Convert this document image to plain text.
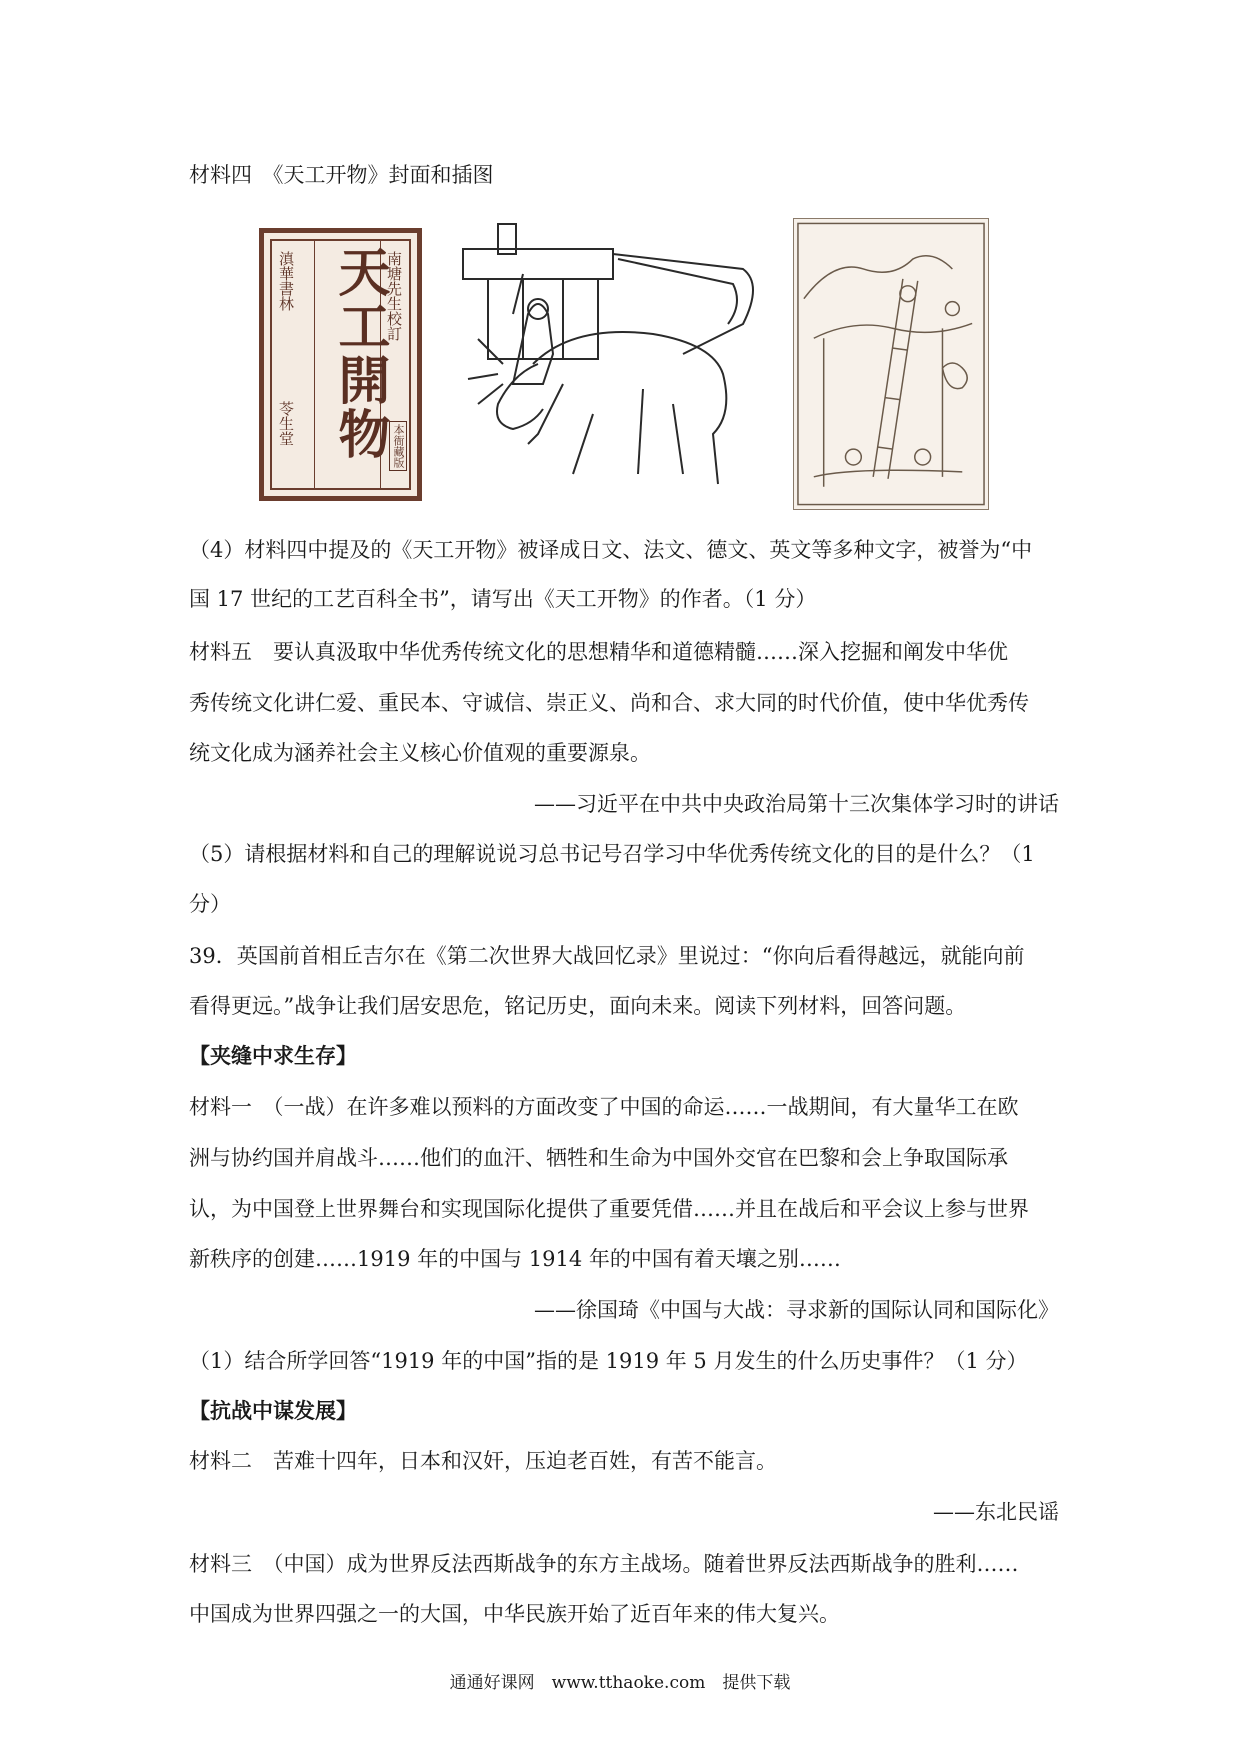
材料四　《天工开物》封面和插图
滇華書林
苓生堂 天工開物
南塘先生校訂
本衙藏版
（4）材料四中提及的《天工开物》被译成日文、法文、德文、英文等多种文字，被誉为“中
国 17 世纪的工艺百科全书”，请写出《天工开物》的作者。（1 分）
材料五　要认真汲取中华优秀传统文化的思想精华和道德精髓……深入挖掘和阐发中华优
秀传统文化讲仁爱、重民本、守诚信、崇正义、尚和合、求大同的时代价值，使中华优秀传
统文化成为涵养社会主义核心价值观的重要源泉。
——习近平在中共中央政治局第十三次集体学习时的讲话
（5）请根据材料和自己的理解说说习总书记号召学习中华优秀传统文化的目的是什么？（1
分）
39．英国前首相丘吉尔在《第二次世界大战回忆录》里说过：“你向后看得越远，就能向前
看得更远。”战争让我们居安思危，铭记历史，面向未来。阅读下列材料，回答问题。
【夹缝中求生存】
材料一　（一战）在许多难以预料的方面改变了中国的命运……一战期间，有大量华工在欧
洲与协约国并肩战斗……他们的血汗、牺牲和生命为中国外交官在巴黎和会上争取国际承
认，为中国登上世界舞台和实现国际化提供了重要凭借……并且在战后和平会议上参与世界
新秩序的创建……1919 年的中国与 1914 年的中国有着天壤之别……
——徐国琦《中国与大战：寻求新的国际认同和国际化》
（1）结合所学回答“1919 年的中国”指的是 1919 年 5 月发生的什么历史事件？（1 分）
【抗战中谋发展】
材料二　苦难十四年，日本和汉奸，压迫老百姓，有苦不能言。
——东北民谣
材料三　（中国）成为世界反法西斯战争的东方主战场。随着世界反法西斯战争的胜利……
中国成为世界四强之一的大国，中华民族开始了近百年来的伟大复兴。
通通好课网　www.tthaoke.com　提供下载
